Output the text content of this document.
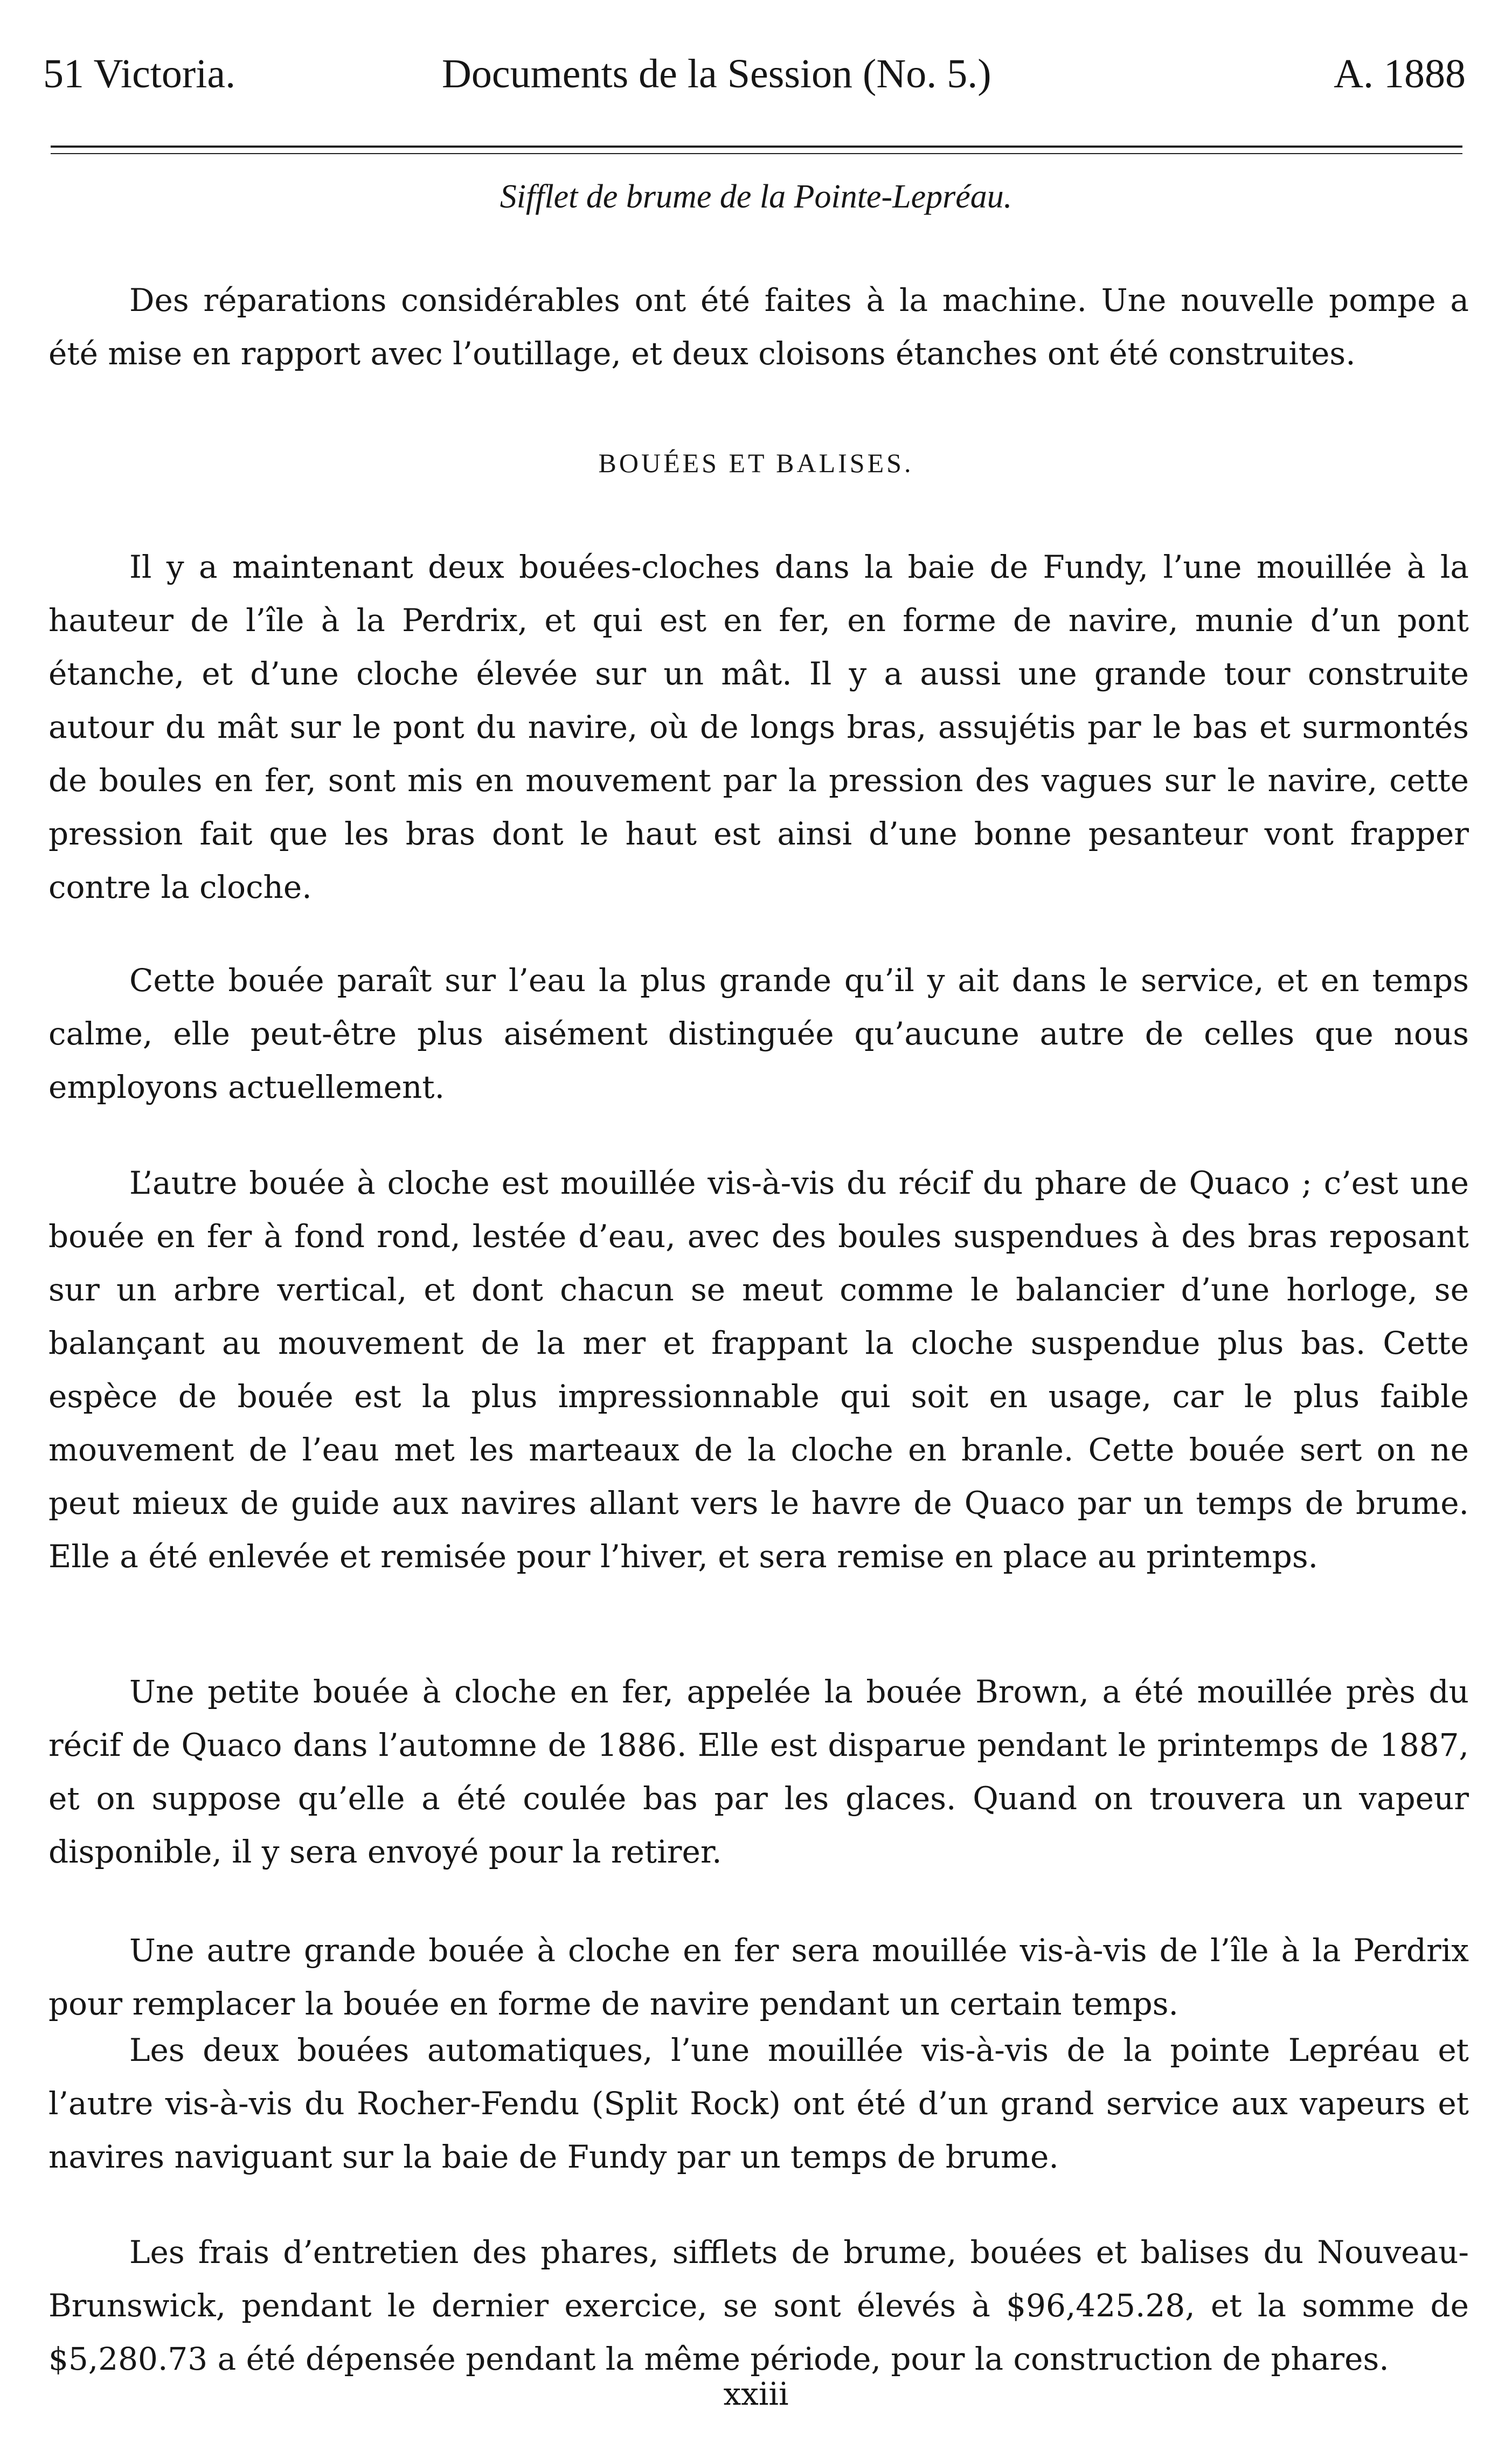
51 Victoria.	Documents de la Session (No. 5.)	A. 1888
Sifflet de brume de la Pointe-Lepréau.
Des réparations considérables ont été faites à la machine. Une nouvelle pompe a été mise en rapport avec l’outillage, et deux cloisons étanches ont été construites.
BOUÉES ET BALISES.
Il y a maintenant deux bouées-cloches dans la baie de Fundy, l’une mouillée à la hauteur de l’île à la Perdrix, et qui est en fer, en forme de navire, munie d’un pont étanche, et d’une cloche élevée sur un mât. Il y a aussi une grande tour construite autour du mât sur le pont du navire, où de longs bras, assujétis par le bas et surmontés de boules en fer, sont mis en mouvement par la pression des vagues sur le navire, cette pression fait que les bras dont le haut est ainsi d’une bonne pesanteur vont frapper contre la cloche.
Cette bouée paraît sur l’eau la plus grande qu’il y ait dans le service, et en temps calme, elle peut-être plus aisément distinguée qu’aucune autre de celles que nous employons actuellement.
L’autre bouée à cloche est mouillée vis-à-vis du récif du phare de Quaco ; c’est une bouée en fer à fond rond, lestée d’eau, avec des boules suspendues à des bras reposant sur un arbre vertical, et dont chacun se meut comme le balancier d’une horloge, se balançant au mouvement de la mer et frappant la cloche suspendue plus bas. Cette espèce de bouée est la plus impressionnable qui soit en usage, car le plus faible mouvement de l’eau met les marteaux de la cloche en branle. Cette bouée sert on ne peut mieux de guide aux navires allant vers le havre de Quaco par un temps de brume. Elle a été enlevée et remisée pour l’hiver, et sera remise en place au printemps.
Une petite bouée à cloche en fer, appelée la bouée Brown, a été mouillée près du récif de Quaco dans l’automne de 1886. Elle est disparue pendant le printemps de 1887, et on suppose qu’elle a été coulée bas par les glaces. Quand on trouvera un vapeur disponible, il y sera envoyé pour la retirer.
Une autre grande bouée à cloche en fer sera mouillée vis-à-vis de l’île à la Perdrix pour remplacer la bouée en forme de navire pendant un certain temps.
Les deux bouées automatiques, l’une mouillée vis-à-vis de la pointe Lepréau et l’autre vis-à-vis du Rocher-Fendu (Split Rock) ont été d’un grand service aux vapeurs et navires naviguant sur la baie de Fundy par un temps de brume.
Les frais d’entretien des phares, sifflets de brume, bouées et balises du Nouveau-Brunswick, pendant le dernier exercice, se sont élevés à $96,425.28, et la somme de $5,280.73 a été dépensée pendant la même période, pour la construction de phares.
xxiii
